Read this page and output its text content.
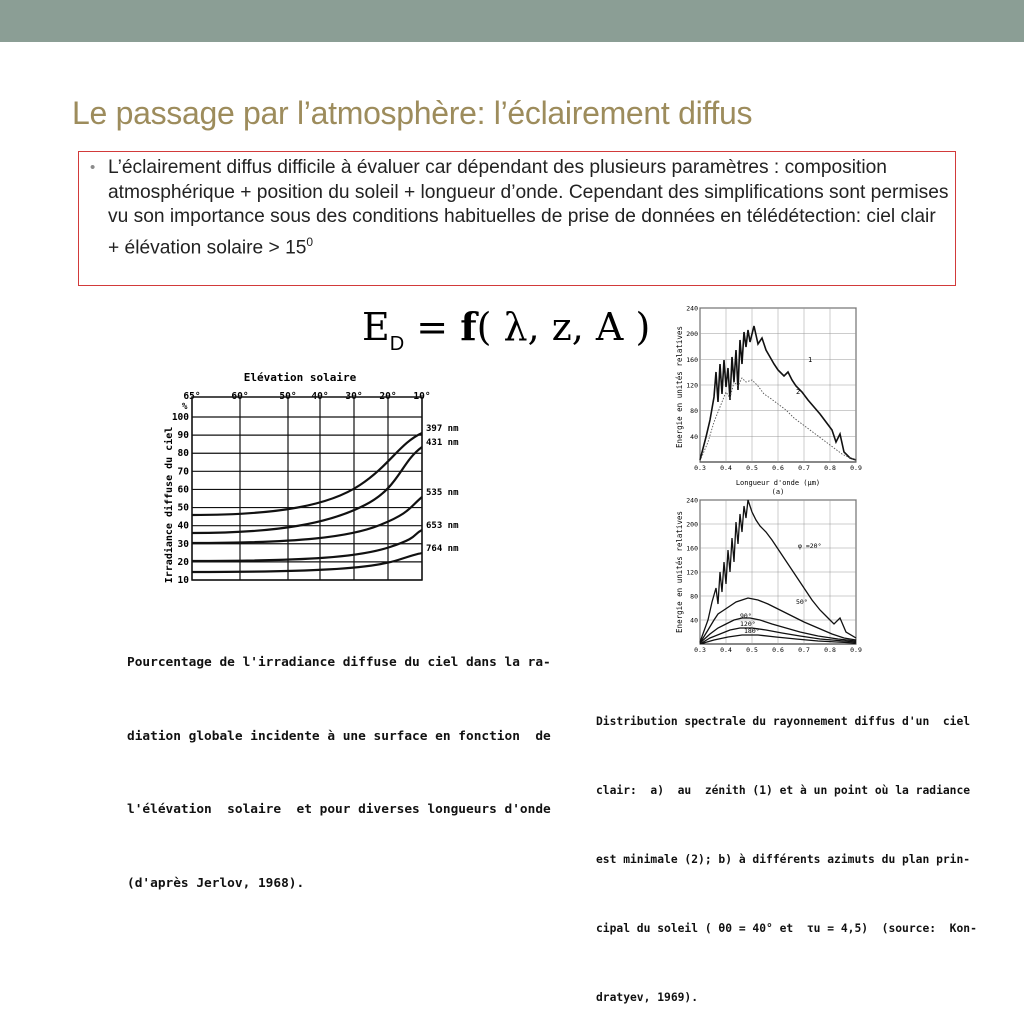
Le passage par l’atmosphère: l’éclairement diffus
• L’éclairement diffus difficile à évaluer car dépendant des plusieurs paramètres : composition atmosphérique + position du soleil + longueur d’onde. Cependant des simplifications sont permises vu son importance sous des conditions habituelles de prise de données en télédétection: ciel clair + élévation solaire > $15^0$
$E_D = f$( λ, z, A )
Elévation solaire
65°	60°	50° 40° 30° 20° 10°
100
90
80
70
60
50
40
30
20
10
%
Irradiance diffuse du ciel	397 nm
431 nm
535 nm
653 nm
764 nm

Pourcentage de l'irradiance diffuse du ciel dans la ra-

diation globale incidente à une surface en fonction  de

l'élévation  solaire  et pour diverses longueurs d'onde

(d'après Jerlov, 1968).

Energie en unités relatives
240
200
160
120
80
40
0.3 0.4 0.5 0.6 0.7 0.8 0.9
1
2
Longueur d'onde (µm)
(a)
Energie en unités relatives
240
200
160
120
80
40
0.3 0.4 0.5 0.6 0.7 0.8 0.9
φ =20°
50°
90°
120°
180°

Distribution spectrale du rayonnement diffus d'un  ciel

clair:  a)  au  zénith (1) et à un point où la radiance

est minimale (2); b) à différents azimuts du plan prin-

cipal du soleil ( θ0 = 40° et  τu = 4,5)  (source:  Kon-

dratyev, 1969).
